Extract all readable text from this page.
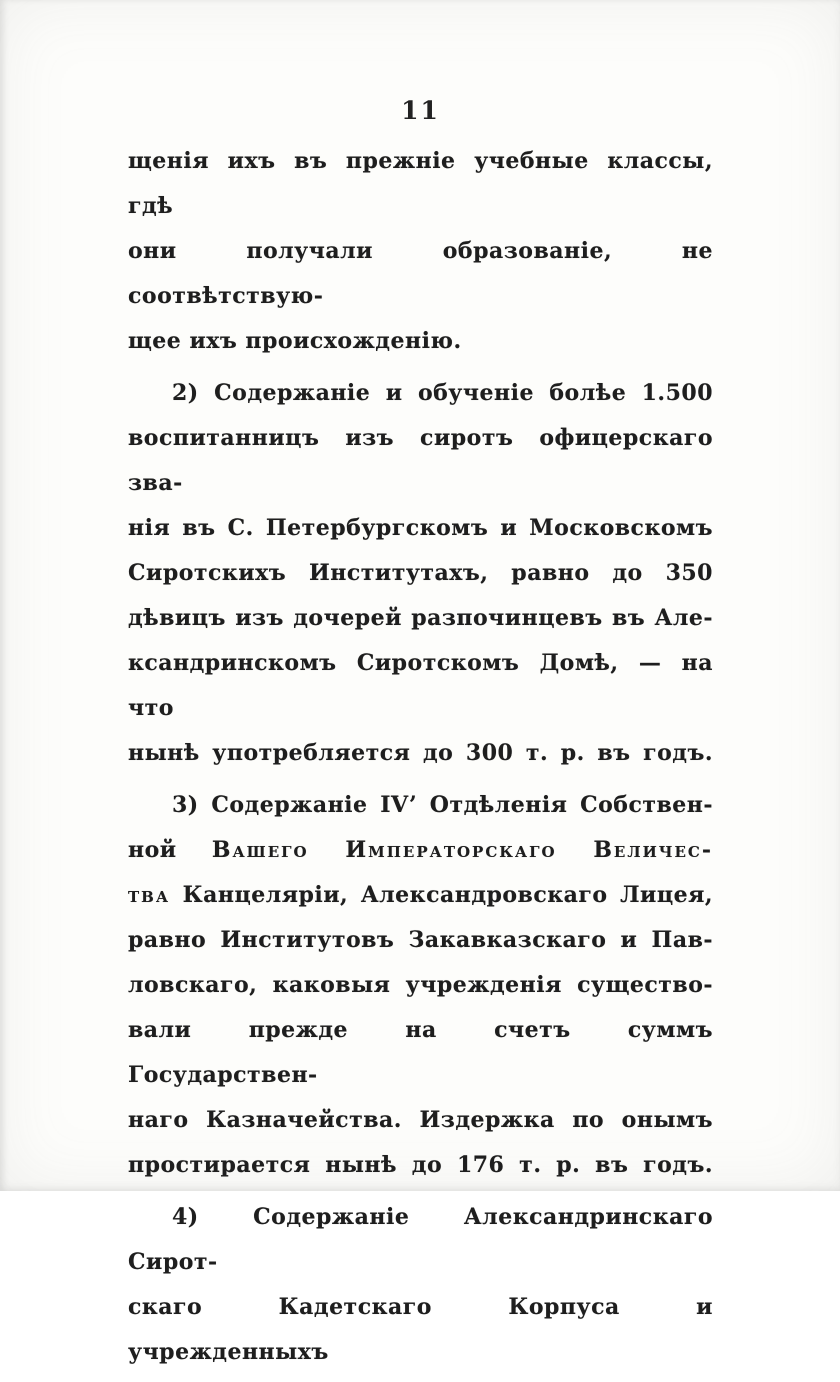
11

щенія ихъ въ прежніе учебные классы, гдѣ
они получали образованіе, не соотвѣтствую-
щее ихъ происхожденію.

2) Содержаніе и обученіе болѣе 1.500
воспитанницъ изъ сиротъ офицерскаго зва-
нія въ С. Петербургскомъ и Московскомъ
Сиротскихъ Институтахъ, равно до 350
дѣвицъ изъ дочерей разпочинцевъ въ Але-
ксандринскомъ Сиротскомъ Домѣ, — на что
нынѣ употребляется до 300 т. р. въ годъ.

3) Содержаніе IV’ Отдѣленія Собствен-
ной Вашего Императорскаго Величес-
тва Канцеляріи, Александровскаго Лицея,
равно Институтовъ Закавказскаго и Пав-
ловскаго, каковыя учрежденія существо-
вали прежде на счетъ суммъ Государствен-
наго Казначейства. Издержка по онымъ
простирается нынѣ до 176 т. р. въ годъ.

4) Содержаніе Александринскаго Сирот-
скаго Кадетскаго Корпуса и учрежденныхъ
